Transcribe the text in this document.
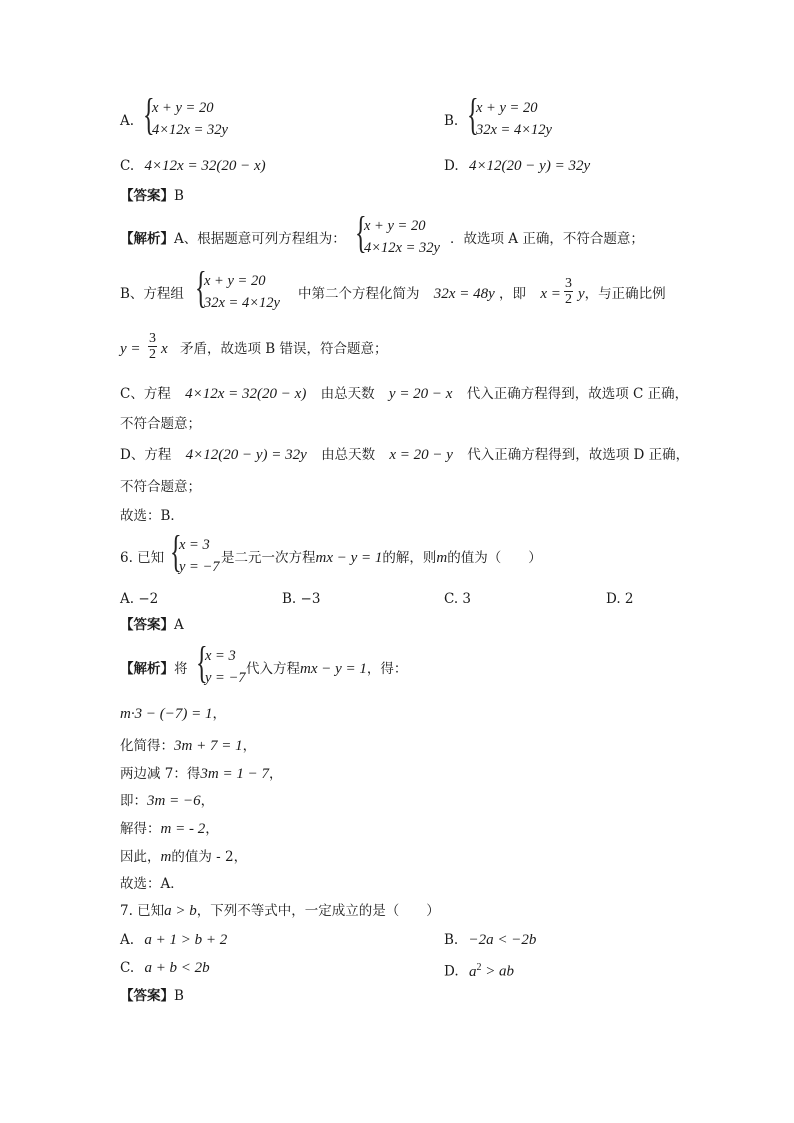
A. {
x + y = 20
4×12x = 32y
B. {
x + y = 20
32x = 4×12y
C. 4×12x = 32(20 − x)	D. 4×12(20 − y) = 32y
【答案】B
【解析】A、根据题意可列方程组为： {
x + y = 20
4×12x = 32y
．故选项 A 正确，不符合题意；
B、方程组 {
x + y = 20
32x = 4×12y
中第二个方程化简为 32x = 48y ，即 $x = \frac{3}{2}$ y，与正确比例
$y = \frac{3}{2}$ x 矛盾，故选项 B 错误，符合题意；
C、方程 4×12x = 32(20 − x) 由总天数 y = 20 − x 代入正确方程得到，故选项 C 正确，
不符合题意；
D、方程 4×12(20 − y) = 32y 由总天数 x = 20 − y 代入正确方程得到，故选项 D 正确，
不符合题意；
故选：B．
6. 已知 {
x = 3
y = −7
是二元一次方程mx − y = 1的解，则m的值为（　　）
A. −2	B. −3	C. 3	D. 2
【答案】A
【解析】将 {
x = 3
y = −7
代入方程mx − y = 1，得：
m·3 − (−7) = 1，
化简得：3m + 7 = 1，
两边减 7：得3m = 1 − 7，
即：3m = −6，
解得：m = - 2，
因此，m的值为 - 2，
故选：A．
7. 已知a > b，下列不等式中，一定成立的是（　　）
A. a + 1 > b + 2	B. −2a < −2b
C. a + b < 2b	D. $a^2$ > ab
【答案】B
